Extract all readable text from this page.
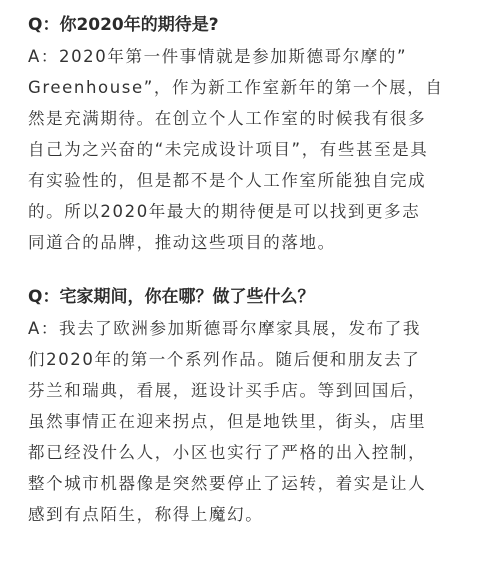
Q：你2020年的期待是?
A：2020年第一件事情就是参加斯德哥尔摩的”
Greenhouse”，作为新工作室新年的第一个展，自
然是充满期待。在创立个人工作室的时候我有很多
自己为之兴奋的“未完成设计项目”，有些甚至是具
有实验性的，但是都不是个人工作室所能独自完成
的。所以2020年最大的期待便是可以找到更多志
同道合的品牌，推动这些项目的落地。
Q：宅家期间，你在哪？做了些什么？
A：我去了欧洲参加斯德哥尔摩家具展，发布了我
们2020年的第一个系列作品。随后便和朋友去了
芬兰和瑞典，看展，逛设计买手店。等到回国后，
虽然事情正在迎来拐点，但是地铁里，街头，店里
都已经没什么人，小区也实行了严格的出入控制，
整个城市机器像是突然要停止了运转，着实是让人
感到有点陌生，称得上魔幻。
